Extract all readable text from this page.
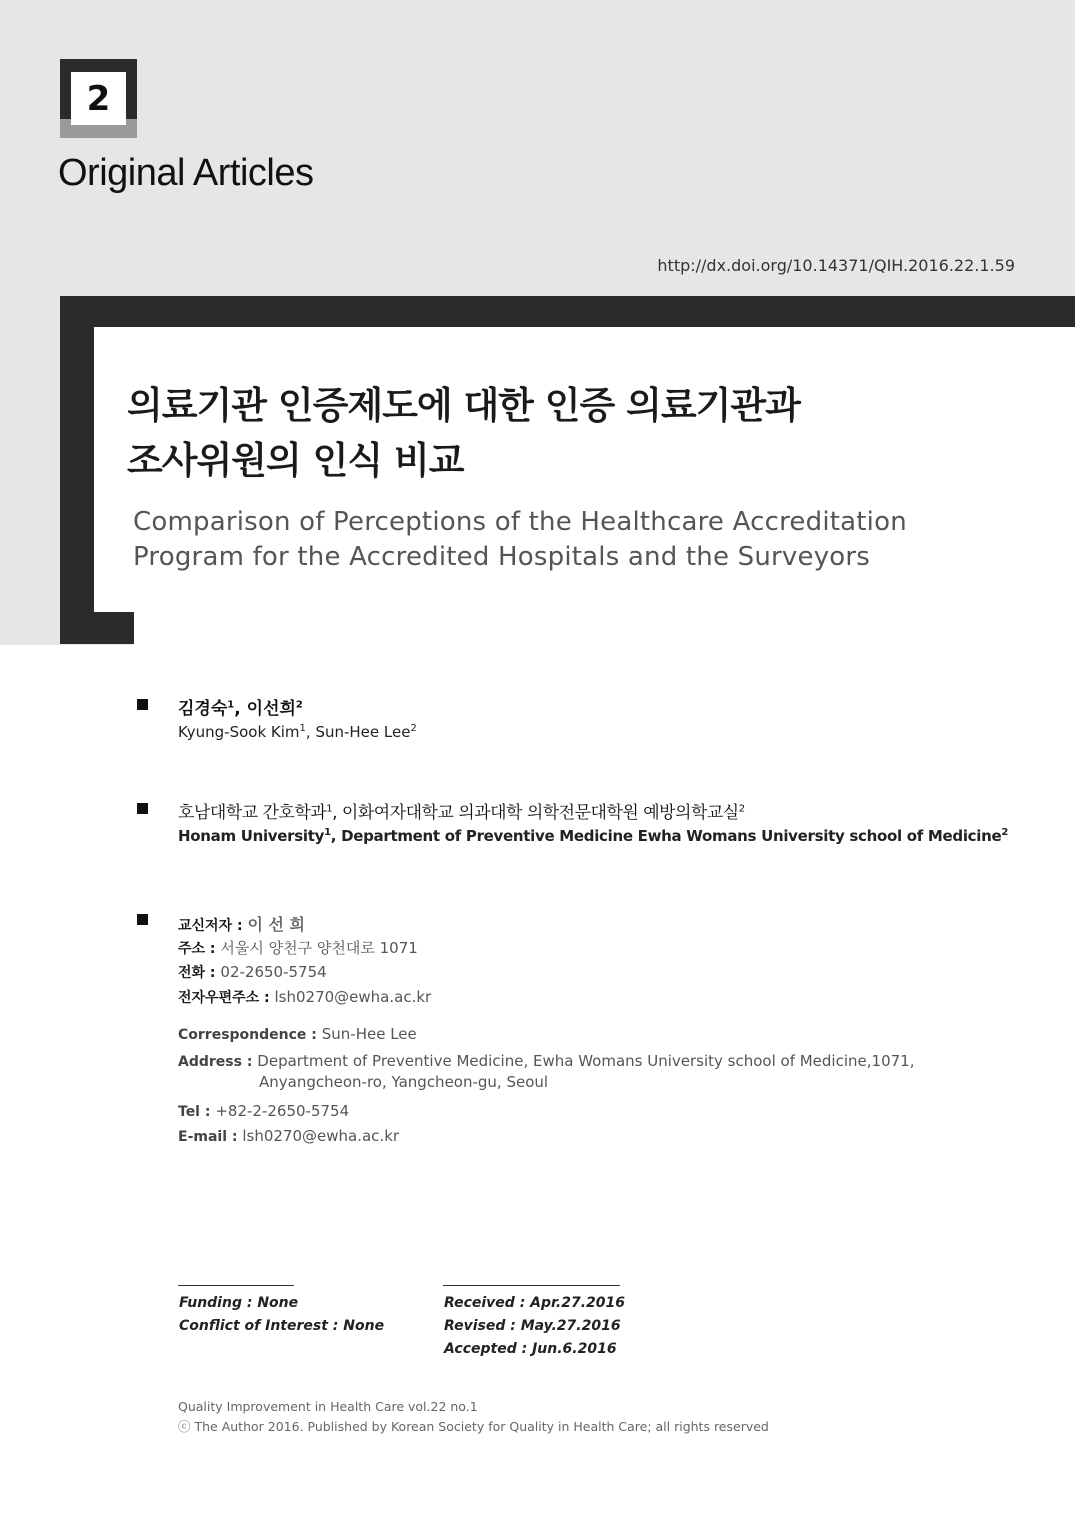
2
Original Articles
http://dx.doi.org/10.14371/QIH.2016.22.1.59
의료기관 인증제도에 대한 인증 의료기관과
조사위원의 인식 비교
Comparison of Perceptions of the Healthcare Accreditation
Program for the Accredited Hospitals and the Surveyors
김경숙$^1$, 이선희$^2$
Kyung-Sook Kim$^1$, Sun-Hee Lee$^2$
호남대학교 간호학과$^1$, 이화여자대학교 의과대학 의학전문대학원 예방의학교실$^2$
Honam University$^1$, Department of Preventive Medicine Ewha Womans University school of Medicine$^2$
교신저자 : 이 선 희
주소 : 서울시 양천구 양천대로 1071
전화 : 02-2650-5754
전자우편주소 : lsh0270@ewha.ac.kr
Correspondence : Sun-Hee Lee
Address : Department of Preventive Medicine, Ewha Womans University school of Medicine,1071,
Anyangcheon-ro, Yangcheon-gu, Seoul
Tel : +82-2-2650-5754
E-mail : lsh0270@ewha.ac.kr
Funding : None
Conflict of Interest : None
Received : Apr.27.2016
Revised : May.27.2016
Accepted : Jun.6.2016
Quality Improvement in Health Care vol.22 no.1
ⓒ The Author 2016. Published by Korean Society for Quality in Health Care; all rights reserved
